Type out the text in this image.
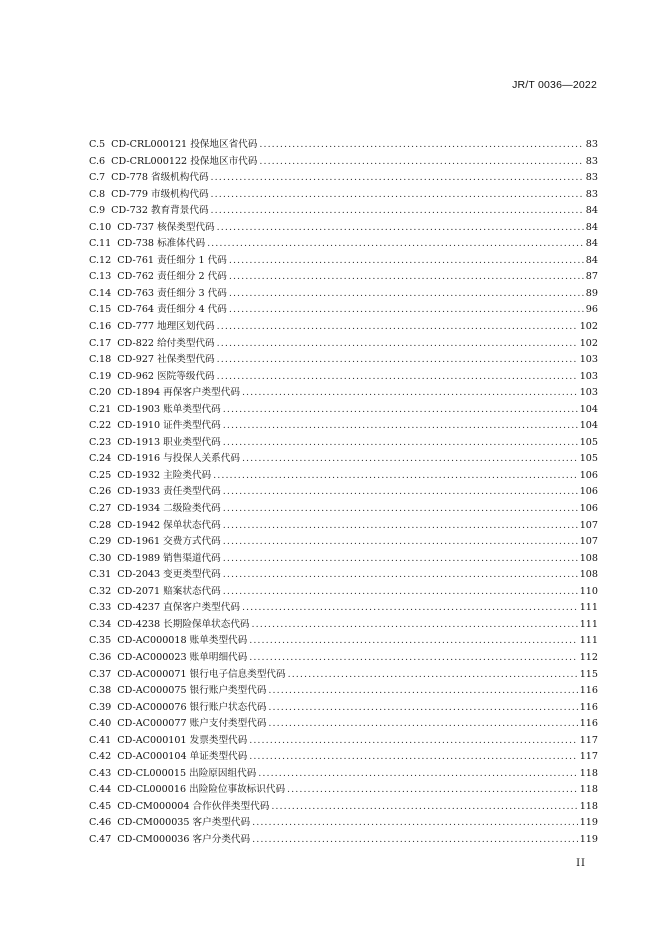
JR/T 0036—2022
C.5 CD-CRL000121 投保地区省代码 .....	83
C.6 CD-CRL000122 投保地区市代码 .....	83
C.7 CD-778 省级机构代码 .....	83
C.8 CD-779 市级机构代码 .....	83
C.9 CD-732 教育背景代码 .....	84
C.10 CD-737 核保类型代码 .....	84
C.11 CD-738 标准体代码 .....	84
C.12 CD-761 责任细分 1 代码 .....	84
C.13 CD-762 责任细分 2 代码 .....	87
C.14 CD-763 责任细分 3 代码 .....	89
C.15 CD-764 责任细分 4 代码 .....	96
C.16 CD-777 地理区划代码 .....	102
C.17 CD-822 给付类型代码 .....	102
C.18 CD-927 社保类型代码 .....	103
C.19 CD-962 医院等级代码 .....	103
C.20 CD-1894 再保客户类型代码 .....	103
C.21 CD-1903 账单类型代码 .....	104
C.22 CD-1910 证件类型代码 .....	104
C.23 CD-1913 职业类型代码 .....	105
C.24 CD-1916 与投保人关系代码 .....	105
C.25 CD-1932 主险类代码 .....	106
C.26 CD-1933 责任类型代码 .....	106
C.27 CD-1934 二级险类代码 .....	106
C.28 CD-1942 保单状态代码 .....	107
C.29 CD-1961 交费方式代码 .....	107
C.30 CD-1989 销售渠道代码 .....	108
C.31 CD-2043 变更类型代码 .....	108
C.32 CD-2071 赔案状态代码 .....	110
C.33 CD-4237 直保客户类型代码 .....	111
C.34 CD-4238 长期险保单状态代码 .....	111
C.35 CD-AC000018 账单类型代码 .....	111
C.36 CD-AC000023 账单明细代码 .....	112
C.37 CD-AC000071 银行电子信息类型代码 .....	115
C.38 CD-AC000075 银行账户类型代码 .....	116
C.39 CD-AC000076 银行账户状态代码 .....	116
C.40 CD-AC000077 账户支付类型代码 .....	116
C.41 CD-AC000101 发票类型代码 .....	117
C.42 CD-AC000104 单证类型代码 .....	117
C.43 CD-CL000015 出险原因组代码 .....	118
C.44 CD-CL000016 出险险位事故标识代码 .....	118
C.45 CD-CM000004 合作伙伴类型代码 .....	118
C.46 CD-CM000035 客户类型代码 .....	119
C.47 CD-CM000036 客户分类代码 .....	119
II
